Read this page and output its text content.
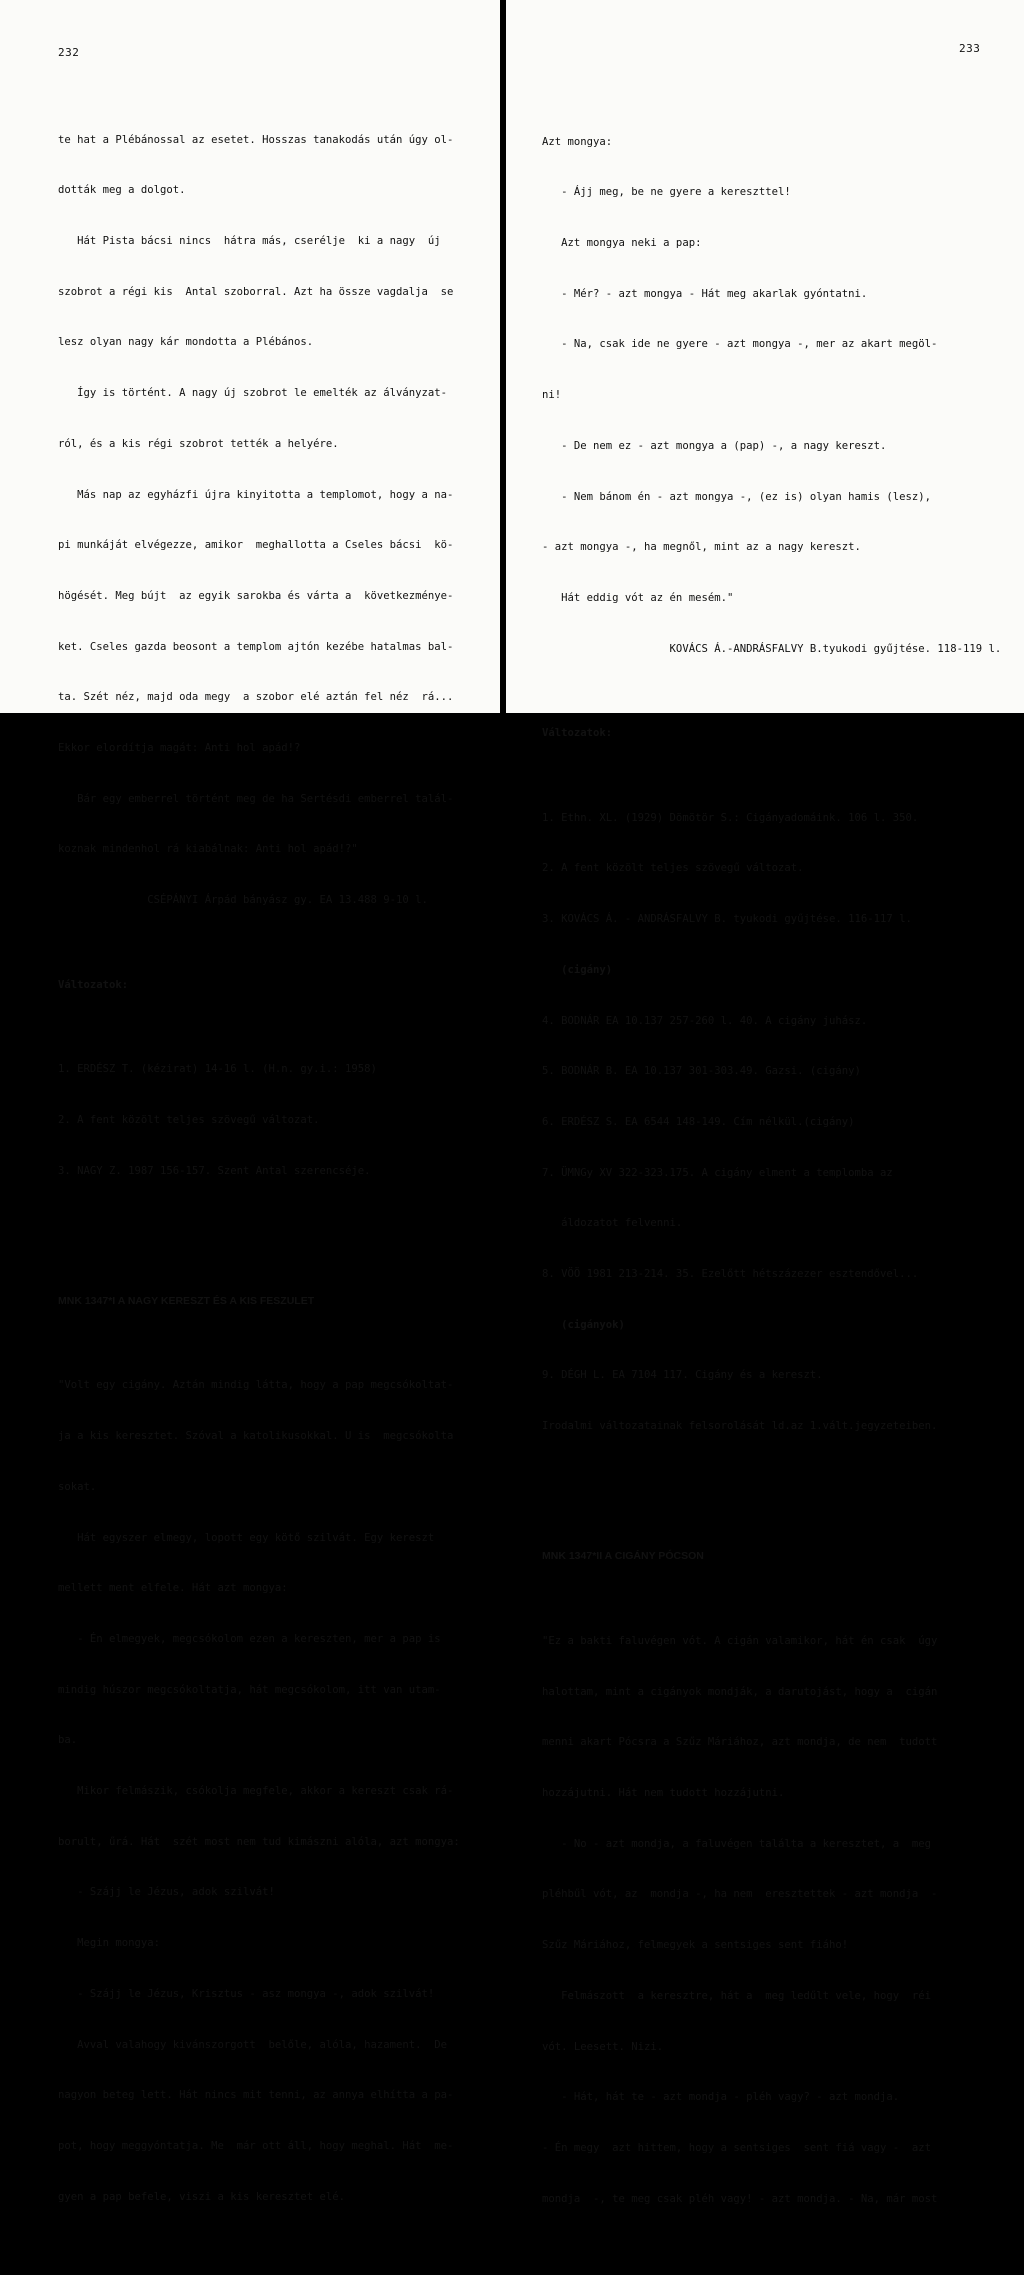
232

te hat a Plébánossal az esetet. Hosszas tanakodás után úgy ol-

dották meg a dolgot.

Hát Pista bácsi nincs  hátra más, cserélje  ki a nagy  új

szobrot a régi kis  Antal szoborral. Azt ha össze vagdalja  se

lesz olyan nagy kár mondotta a Plébános.

Így is történt. A nagy új szobrot le emelték az álványzat-

ról, és a kis régi szobrot tették a helyére.

Más nap az egyházfi újra kinyitotta a templomot, hogy a na-

pi munkáját elvégezze, amikor  meghallotta a Cseles bácsi  kö-

högését. Meg bújt  az egyik sarokba és várta a  következménye-

ket. Cseles gazda beosont a templom ajtón kezébe hatalmas bal-

ta. Szét néz, majd oda megy  a szobor elé aztán fel néz  rá...

Ekkor elordítja magát: Anti hol apád!?

Bár egy emberrel történt meg de ha Sertésdi emberrel talál-

koznak mindenhol rá kiabálnak: Anti hol apád!?"

CSÉPÁNYI Árpád bányász gy. EA 13.488 9-10 l.

Változatok:

1. ERDÉSZ T. (kézirat) 14-16 l. (H.n. gy.i.: 1958)

2. A fent közölt teljes szövegű változat.

3. NAGY Z. 1987 156-157. Szent Antal szerencséje.

MNK 1347*I A NAGY KERESZT ÉS A KIS FESZULET

"Volt egy cigány. Aztán mindig látta, hogy a pap megcsókoltat-

ja a kis keresztet. Szóval a katolikusokkal. U is  megcsókolta

sokat.

Hát egyszer elmegy, lopott egy kötő szilvát. Egy kereszt

mellett ment elfele. Hát azt mongya:

- Én elmegyek, megcsókolom ezen a kereszten, mer a pap is

mindig húszor megcsókoltatja, hát megcsókolom, itt van utam-

ba.

Mikor felmászik, csókolja megfele, akkor a kereszt csak rá-

borult, űrá. Hát  szét most nem tud kimászni alóla, azt mongya:

- Szájj le Jézus, adok szilvát!

Megin mongya:

- Szájj le Jézus, Krisztus - asz mongya -, adok szilvát!

Avval valahogy kivánszorgott  belőle, alóla, hazament.  De

nagyon beteg lett. Hát nincs mit tenni, az annya elhítta a pa-

pot, hogy meggyóntatja. Me  már ott áll, hogy meghal. Hát  me-

gyen a pap befele, viszi a kis keresztet elé.

233

Azt mongya:

- Ájj meg, be ne gyere a kereszttel!

Azt mongya neki a pap:

- Mér? - azt mongya - Hát meg akarlak gyóntatni.

- Na, csak ide ne gyere - azt mongya -, mer az akart megöl-

ni!

- De nem ez - azt mongya a (pap) -, a nagy kereszt.

- Nem bánom én - azt mongya -, (ez is) olyan hamis (lesz),

- azt mongya -, ha megnől, mint az a nagy kereszt.

Hát eddig vót az én mesém."

KOVÁCS Á.-ANDRÁSFALVY B.tyukodi gyűjtése. 118-119 l.

Változatok:

1. Ethn. XL. (1929) Dömötör S.: Cigányadomáink. 106 l. 350.

2. A fent közölt teljes szövegű változat.

3. KOVÁCS Á. - ANDRÁSFALVY B. tyukodi gyűjtése. 116-117 l.

(cigány)

4. BODNÁR EA 10.137 257-260 l. 40. A cigány juhász.

5. BODNÁR B. EA 10.137 301-303.49. Gazsi. (cigány)

6. ERDÉSZ S. EA 6544 148-149. Cím nélkül.(cigány)

7. ÜMNGy XV 322-323.175. A cigány elment a templomba az

áldozatot felvenni.

8. VÖÖ 1981 213-214. 35. Ezelőtt hétszázezer esztendővel...

(cigányok)

9. DÉGH L. EA 7104 117. Cigány és a kereszt.

Irodalmi változatainak felsorolását ld.az 1.vált.jegyzeteiben.

MNK 1347*II A CIGÁNY PÓCSON

"Ez a bakti faluvégen vót. A cigán valamikor, hát én csak  úgy

halottam, mint a cigányok mondják, a darutojást, hogy a  cigán

menni akart Pócsra a Szűz Máriához, azt mondja, de nem  tudott

hozzájutni. Hát nem tudott hozzájutni.

- No - azt mondja, a faluvégen találta a keresztet, a  meg

pléhbűl vót, az  mondja -, ha nem  eresztettek - azt mondja  -

Szűz Máriához, felmegyek a sentsiges sent fiáho!

Felmászott  a keresztre, hát a  meg ledűlt vele, hogy  réi

vót. Leesett. Nizi.

- Hát, hát te - azt mondja - pléh vagy? - azt mondja.

- Én megy  azt hittem, hogy a sentsiges  sent fiá vagy -  azt

mondja  -, te meg csak pléh vagy! - azt mondja. - Na, már most
